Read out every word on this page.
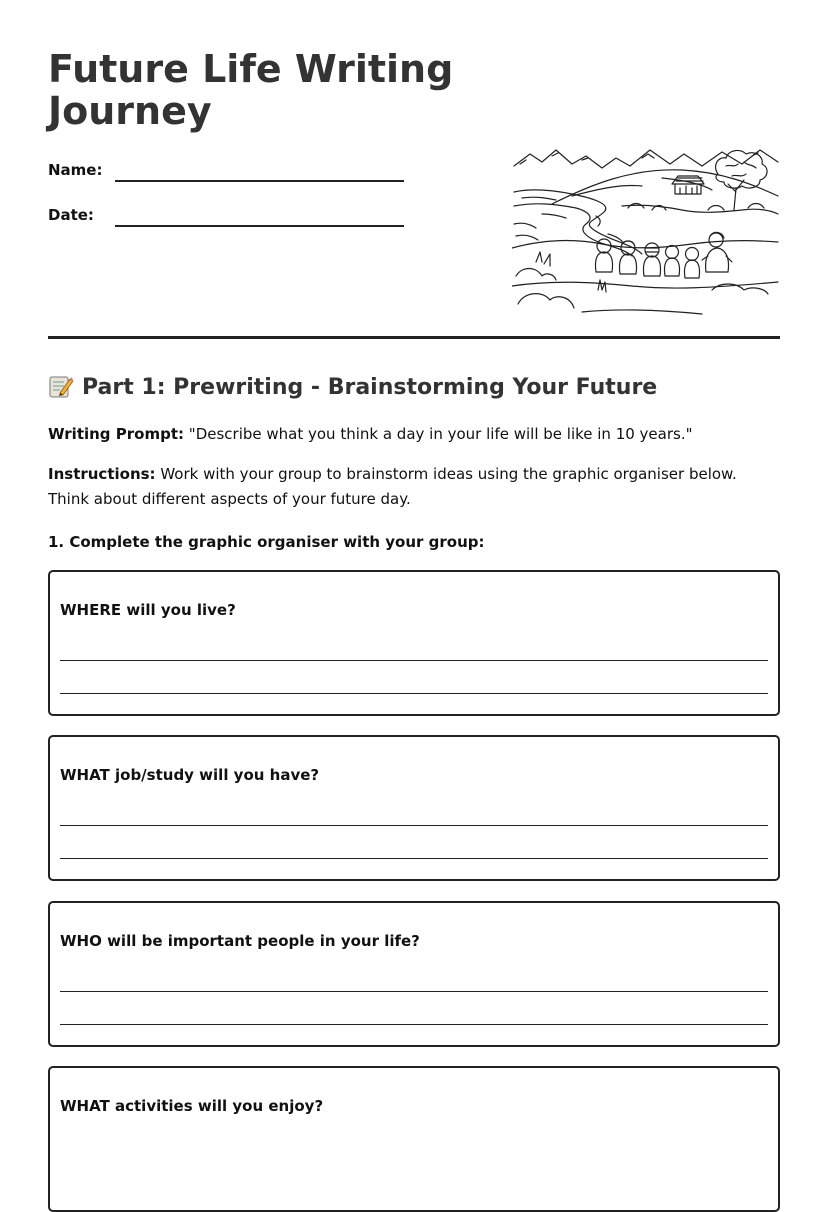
Future Life Writing Journey
Name:
Date:
Part 1: Prewriting - Brainstorming Your Future

Writing Prompt: "Describe what you think a day in your life will be like in 10 years."

Instructions: Work with your group to brainstorm ideas using the graphic organiser below. Think about different aspects of your future day.

1. Complete the graphic organiser with your group:
WHERE will you live?
WHAT job/study will you have?
WHO will be important people in your life?
WHAT activities will you enjoy?
